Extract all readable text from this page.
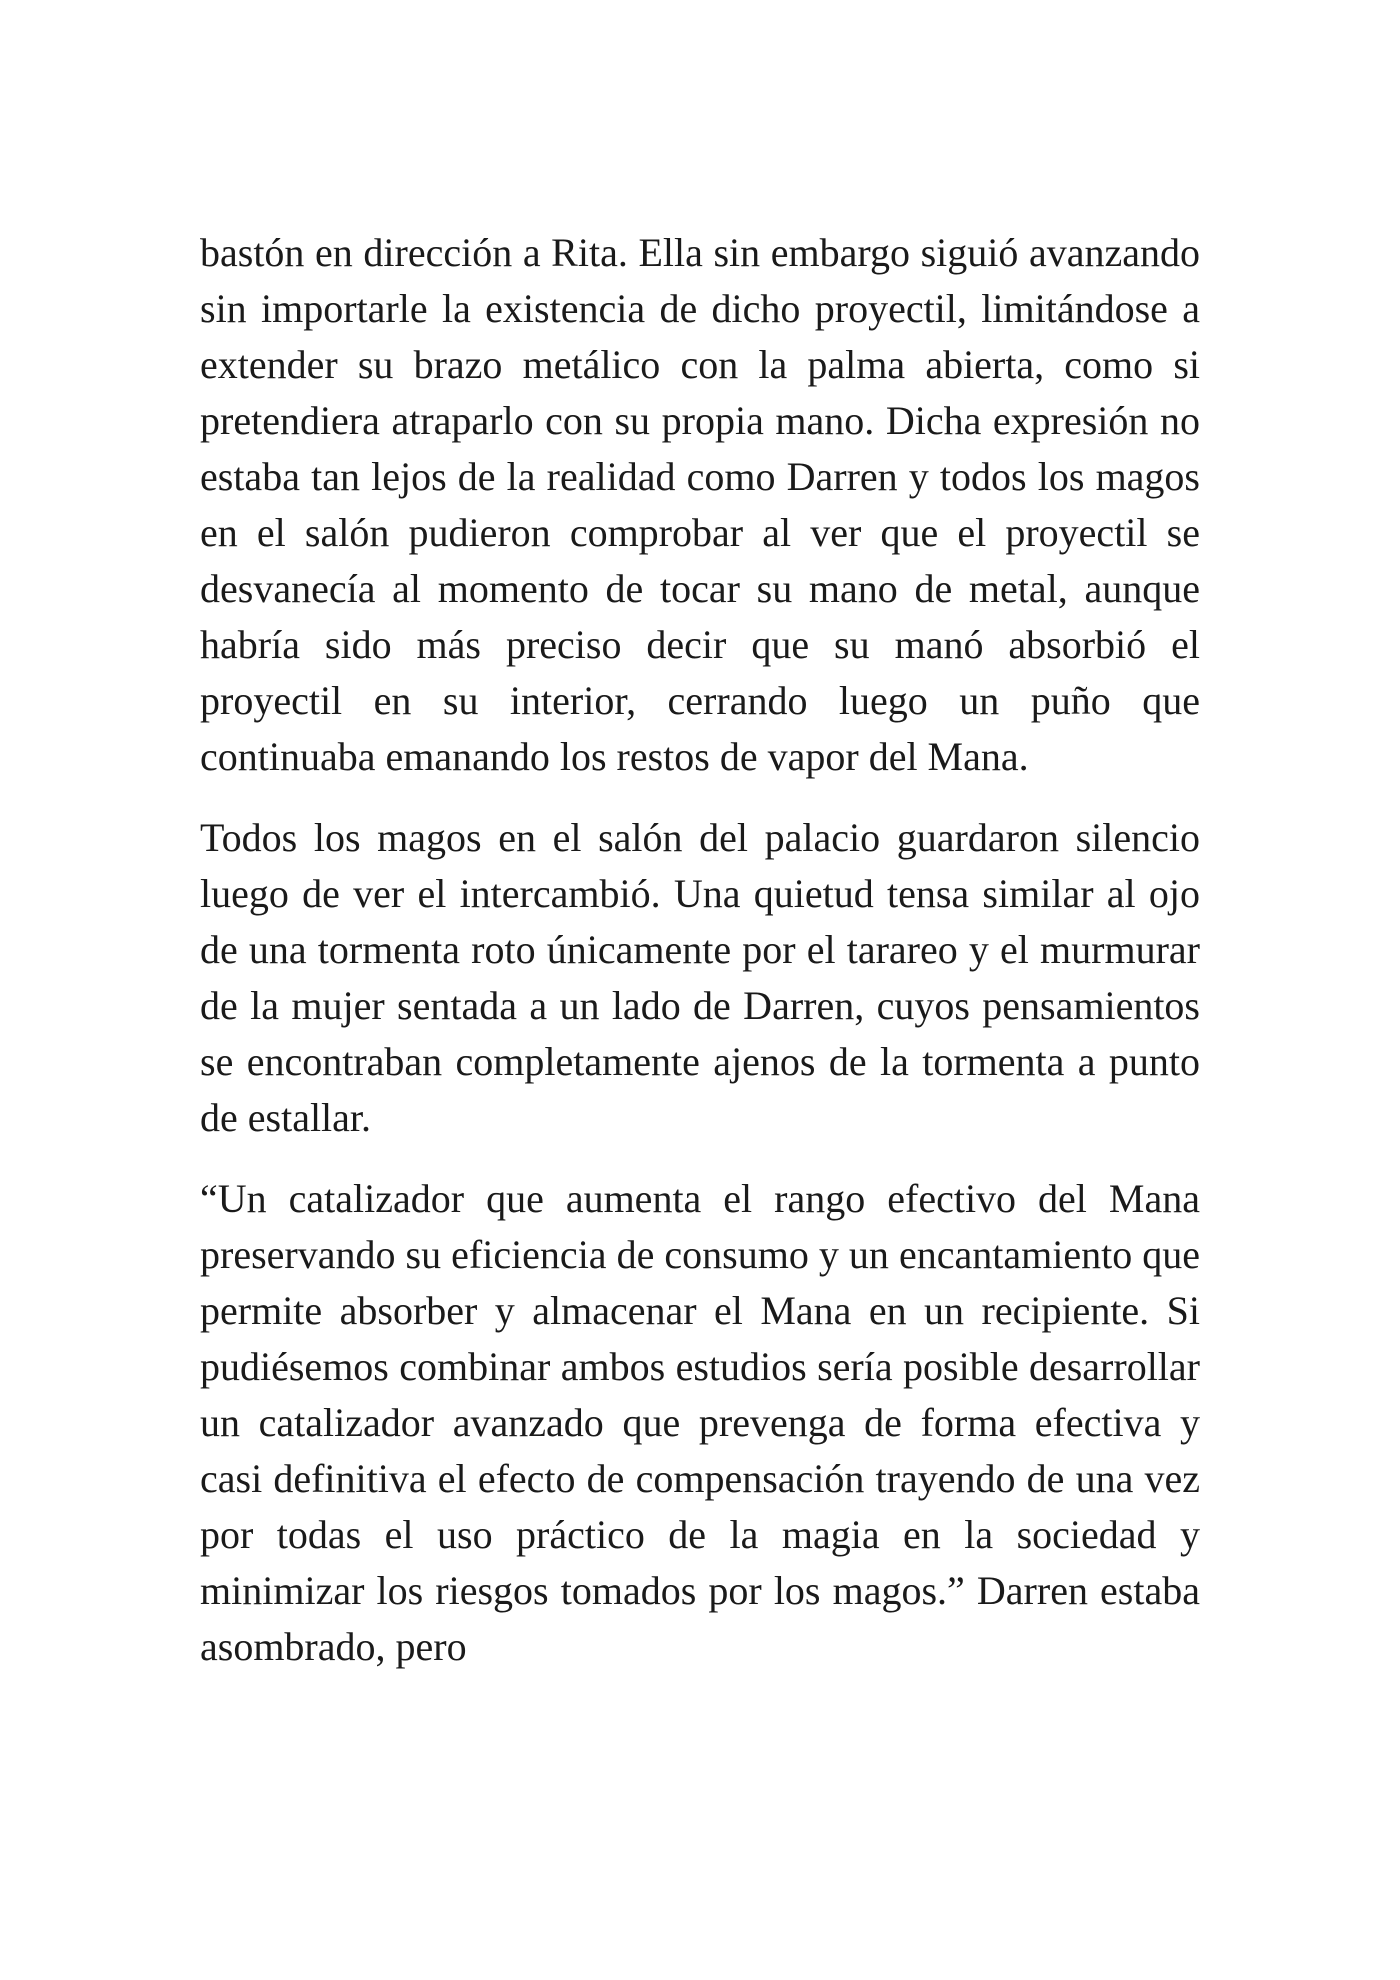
bastón en dirección a Rita. Ella sin embargo siguió avanzando sin importarle la existencia de dicho proyectil, limitándose a extender su brazo metálico con la palma abierta, como si pretendiera atraparlo con su propia mano. Dicha expresión no estaba tan lejos de la realidad como Darren y todos los magos en el salón pudieron comprobar al ver que el proyectil se desvanecía al momento de tocar su mano de metal, aunque habría sido más preciso decir que su manó absorbió el proyectil en su interior, cerrando luego un puño que continuaba emanando los restos de vapor del Mana.

Todos los magos en el salón del palacio guardaron silencio luego de ver el intercambió. Una quietud tensa similar al ojo de una tormenta roto únicamente por el tarareo y el murmurar de la mujer sentada a un lado de Darren, cuyos pensamientos se encontraban completamente ajenos de la tormenta a punto de estallar.

“Un catalizador que aumenta el rango efectivo del Mana preservando su eficiencia de consumo y un encantamiento que permite absorber y almacenar el Mana en un recipiente. Si pudiésemos combinar ambos estudios sería posible desarrollar un catalizador avanzado que prevenga de forma efectiva y casi definitiva el efecto de compensación trayendo de una vez por todas el uso práctico de la magia en la sociedad y minimizar los riesgos tomados por los magos.” Darren estaba asombrado, pero
